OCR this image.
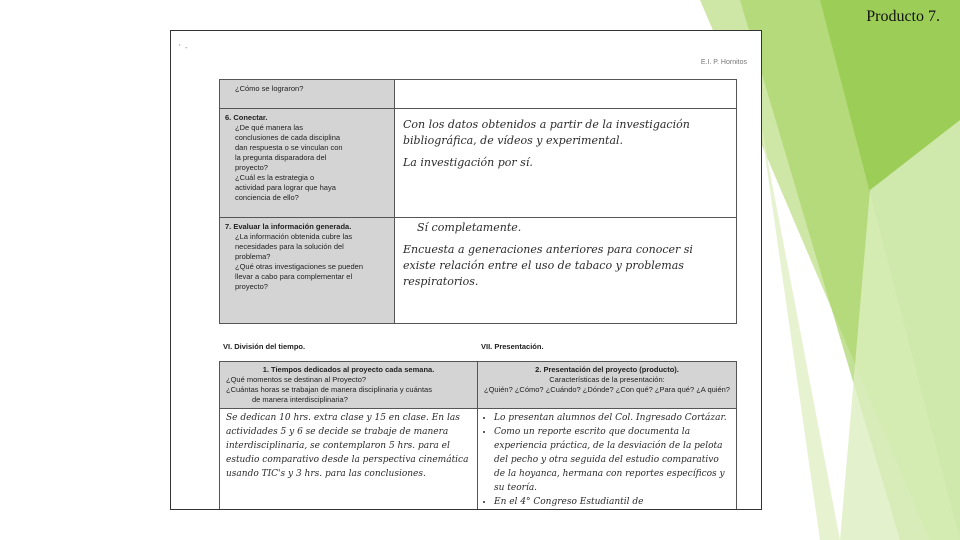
Producto 7.
'  -
E.I. P. Hornitos
¿Cómo se lograron?
6. Conectar.
¿De qué manera las
conclusiones de cada disciplina
dan respuesta o se vinculan con
la pregunta disparadora del
proyecto?
¿Cuál es la estrategia o
actividad para lograr que haya
conciencia de ello?

Con los datos obtenidos a partir de la investigación bibliográfica, de vídeos y experimental.

La investigación por sí.

7. Evaluar la información generada.
¿La información obtenida cubre las
necesidades para la solución del
problema?
¿Qué otras investigaciones se pueden
llevar a cabo para complementar el
proyecto?

Sí completamente.

Encuesta a generaciones anteriores para conocer si existe relación entre el uso de tabaco y problemas respiratorios.

VI. División del tiempo.	VII. Presentación.
1. Tiempos dedicados al proyecto cada semana.
¿Qué momentos se destinan al Proyecto?
¿Cuántas horas se trabajan de manera disciplinaria y cuántas
de manera interdisciplinaria?
2. Presentación del proyecto (producto).
Características de la presentación:
¿Quién? ¿Cómo? ¿Cuándo? ¿Dónde? ¿Con qué? ¿Para qué? ¿A quién?
Se dedican 10 hrs. extra clase y 15 en clase. En las actividades 5 y 6 se decide se trabaje de manera interdisciplinaria, se contemplaron 5 hrs. para el estudio comparativo desde la perspectiva cinemática usando TIC's y 3 hrs. para las conclusiones.
• Lo presentan alumnos del Col. Ingresado Cortázar.
• Como un reporte escrito que documenta la experiencia práctica, de la desviación de la pelota del pecho y otra seguida del estudio comparativo de la hoyanca, hermana con reportes específicos y su teoría.
• En el 4° Congreso Estudiantil de
